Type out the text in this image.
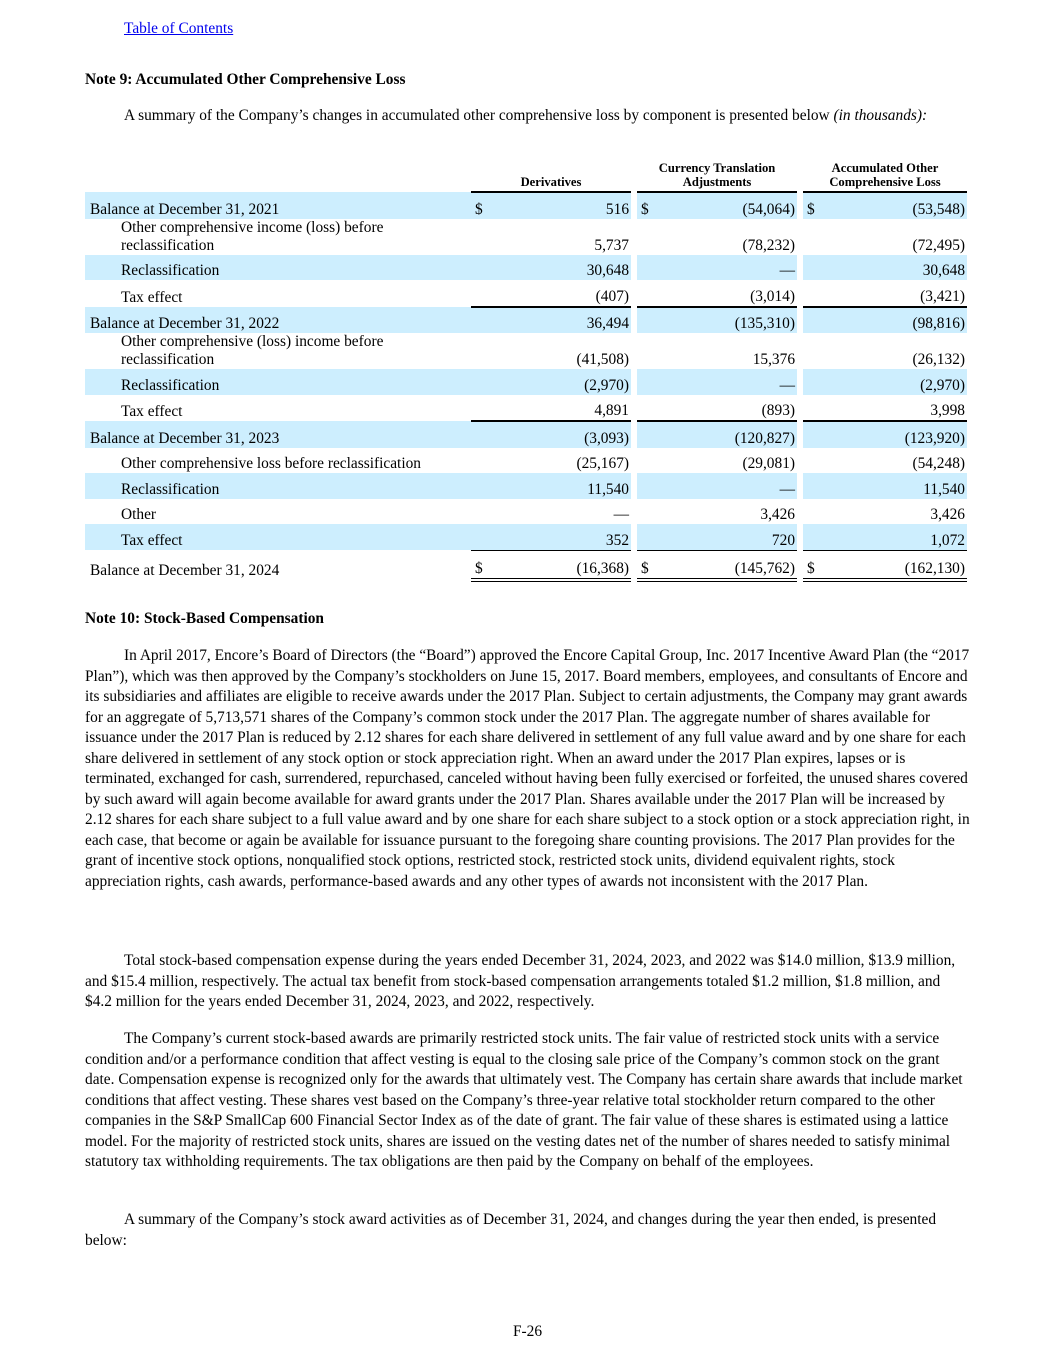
Table of Contents
Note 9: Accumulated Other Comprehensive Loss

A summary of the Company’s changes in accumulated other comprehensive loss by component is presented below (in thousands):

	Derivatives			Currency Translation Adjustments			Accumulated Other Comprehensive Loss	
Balance at December 31, 2021	$	516		$	(54,064)		$	(53,548)
Other comprehensive income (loss) before reclassification		5,737			(78,232)			(72,495)
Reclassification		30,648			—			30,648
Tax effect		(407)			(3,014)			(3,421)
Balance at December 31, 2022		36,494			(135,310)			(98,816)
Other comprehensive (loss) income before reclassification		(41,508)			15,376			(26,132)
Reclassification		(2,970)			—			(2,970)
Tax effect		4,891			(893)			3,998
Balance at December 31, 2023		(3,093)			(120,827)			(123,920)
Other comprehensive loss before reclassification		(25,167)			(29,081)			(54,248)
Reclassification		11,540			—			11,540
Other		—			3,426			3,426
Tax effect		352			720			1,072
Balance at December 31, 2024	$	(16,368)		$	(145,762)		$	(162,130)
Note 10: Stock-Based Compensation

In April 2017, Encore’s Board of Directors (the “Board”) approved the Encore Capital Group, Inc. 2017 Incentive Award Plan (the “2017 Plan”), which was then approved by the Company’s stockholders on June 15, 2017. Board members, employees, and consultants of Encore and its subsidiaries and affiliates are eligible to receive awards under the 2017 Plan. Subject to certain adjustments, the Company may grant awards for an aggregate of 5,713,571 shares of the Company’s common stock under the 2017 Plan. The aggregate number of shares available for issuance under the 2017 Plan is reduced by 2.12 shares for each share delivered in settlement of any full value award and by one share for each share delivered in settlement of any stock option or stock appreciation right. When an award under the 2017 Plan expires, lapses or is terminated, exchanged for cash, surrendered, repurchased, canceled without having been fully exercised or forfeited, the unused shares covered by such award will again become available for award grants under the 2017 Plan. Shares available under the 2017 Plan will be increased by 2.12 shares for each share subject to a full value award and by one share for each share subject to a stock option or a stock appreciation right, in each case, that become or again be available for issuance pursuant to the foregoing share counting provisions. The 2017 Plan provides for the grant of incentive stock options, nonqualified stock options, restricted stock, restricted stock units, dividend equivalent rights, stock appreciation rights, cash awards, performance-based awards and any other types of awards not inconsistent with the 2017 Plan.

Total stock-based compensation expense during the years ended December 31, 2024, 2023, and 2022 was $14.0 million, $13.9 million, and $15.4 million, respectively. The actual tax benefit from stock-based compensation arrangements totaled $1.2 million, $1.8 million, and $4.2 million for the years ended December 31, 2024, 2023, and 2022, respectively.

The Company’s current stock-based awards are primarily restricted stock units. The fair value of restricted stock units with a service condition and/or a performance condition that affect vesting is equal to the closing sale price of the Company’s common stock on the grant date. Compensation expense is recognized only for the awards that ultimately vest. The Company has certain share awards that include market conditions that affect vesting. These shares vest based on the Company’s three-year relative total stockholder return compared to the other companies in the S&P SmallCap 600 Financial Sector Index as of the date of grant. The fair value of these shares is estimated using a lattice model. For the majority of restricted stock units, shares are issued on the vesting dates net of the number of shares needed to satisfy minimal statutory tax withholding requirements. The tax obligations are then paid by the Company on behalf of the employees.

A summary of the Company’s stock award activities as of December 31, 2024, and changes during the year then ended, is presented below:

F-26
